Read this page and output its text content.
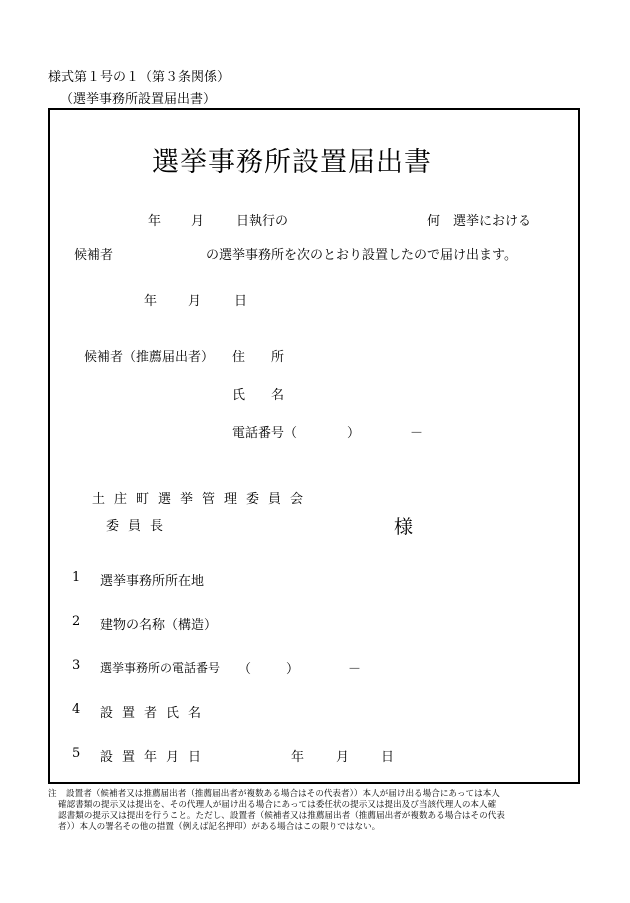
様式第１号の１（第３条関係）
（選挙事務所設置届出書）
選挙事務所設置届出書
年 月 日執行の	何　選挙における
候補者	の選挙事務所を次のとおり設置したので届け出ます。
年 月	日
候補者（推薦届出者） 住　　所
氏　　名
電話番号（	）	－
土庄町選挙管理委員会
委員長	様
1 選挙事務所所在地
2 建物の名称（構造）
3 選挙事務所の電話番号 （	）	－
4 設置者氏名
5 設置年月日	年 月 日
注 設置者（候補者又は推薦届出者（推薦届出者が複数ある場合はその代表者））本人が届け出る場合にあっては本人
確認書類の提示又は提出を、その代理人が届け出る場合にあっては委任状の提示又は提出及び当該代理人の本人確
認書類の提示又は提出を行うこと。ただし、設置者（候補者又は推薦届出者（推薦届出者が複数ある場合はその代表
者））本人の署名その他の措置（例えば記名押印）がある場合はこの限りではない。
